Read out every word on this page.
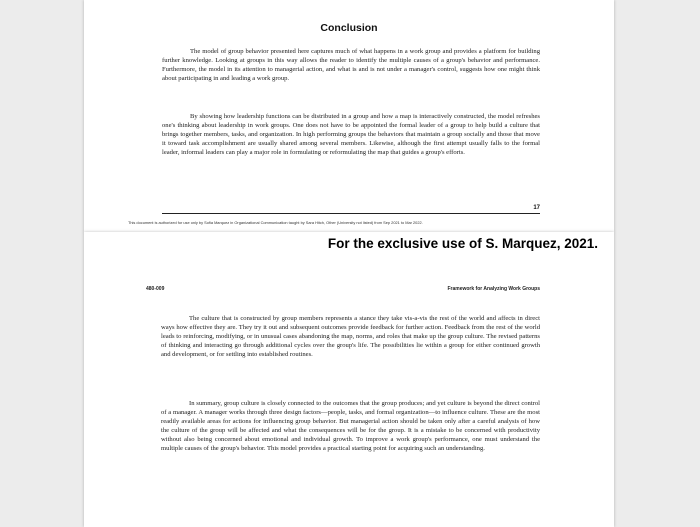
Conclusion
The model of group behavior presented here captures much of what happens in a work group and provides a platform for building further knowledge. Looking at groups in this way allows the reader to identify the multiple causes of a group's behavior and performance. Furthermore, the model in its attention to managerial action, and what is and is not under a manager's control, suggests how one might think about participating in and leading a work group.
By showing how leadership functions can be distributed in a group and how a map is interactively constructed, the model refreshes one's thinking about leadership in work groups. One does not have to be appointed the formal leader of a group to help build a culture that brings together members, tasks, and organization. In high performing groups the behaviors that maintain a group socially and those that move it toward task accomplishment are usually shared among several members. Likewise, although the first attempt usually falls to the formal leader, informal leaders can play a major role in formulating or reformulating the map that guides a group's efforts.
17
This document is authorized for use only by Sofia Marquez in Organizational Communication taught by Sara Hitch, Other (University not listed) from Sep 2021 to Mar 2022.
For the exclusive use of S. Marquez, 2021.
480-009	Framework for Analyzing Work Groups
The culture that is constructed by group members represents a stance they take vis-a-vis the rest of the world and affects in direct ways how effective they are. They try it out and subsequent outcomes provide feedback for further action. Feedback from the rest of the world leads to reinforcing, modifying, or in unusual cases abandoning the map, norms, and roles that make up the group culture. The revised patterns of thinking and interacting go through additional cycles over the group's life. The possibilities lie within a group for either continued growth and development, or for settling into established routines.
In summary, group culture is closely connected to the outcomes that the group produces; and yet culture is beyond the direct control of a manager. A manager works through three design factors—people, tasks, and formal organization—to influence culture. These are the most readily available areas for actions for influencing group behavior. But managerial action should be taken only after a careful analysis of how the culture of the group will be affected and what the consequences will be for the group. It is a mistake to be concerned with productivity without also being concerned about emotional and individual growth. To improve a work group's performance, one must understand the multiple causes of the group's behavior. This model provides a practical starting point for acquiring such an understanding.
